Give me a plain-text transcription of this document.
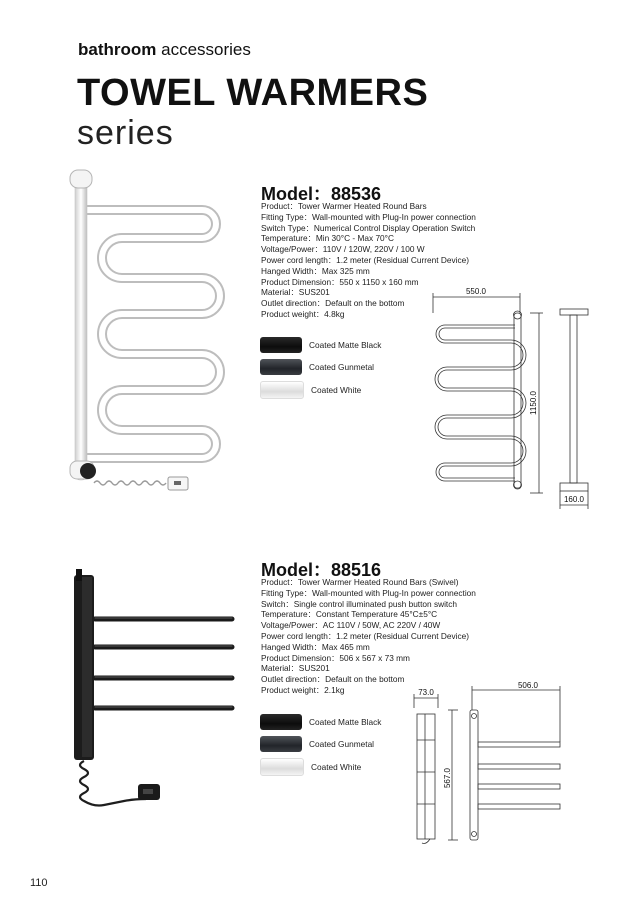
bathroom accessories
TOWEL WARMERS
series
Model：88536
Product：Tower Warmer Heated Round Bars
Fitting Type：Wall-mounted with Plug-In power connection
Switch Type：Numerical Control Display Operation Switch
Temperature：Min 30°C - Max 70°C
Voltage/Power：110V / 120W, 220V / 100 W
Power cord length：1.2 meter (Residual Current Device)
Hanged Width：Max 325 mm
Product Dimension：550 x 1150 x 160 mm
Material：SUS201
Outlet direction：Default on the bottom
Product weight：4.8kg
Coated Matte Black
Coated Gunmetal
Coated White
550.0
1150.0
160.0
Model：88516
Product：Tower Warmer Heated Round Bars (Swivel)
Fitting Type：Wall-mounted with Plug-In power connection
Switch：Single control illuminated push button switch
Temperature：Constant Temperature 45°C±5°C
Voltage/Power：AC 110V / 50W, AC 220V / 40W
Power cord length：1.2 meter (Residual Current Device)
Hanged Width：Max 465 mm
Product Dimension：506 x 567 x 73 mm
Material：SUS201
Outlet direction：Default on the bottom
Product weight：2.1kg
Coated Matte Black
Coated Gunmetal
Coated White
73.0
567.0
506.0
110
